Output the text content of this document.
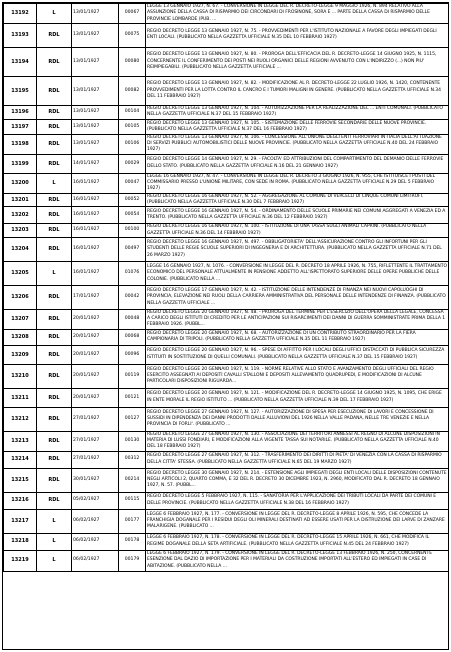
13192	L	13/01/1927	00067	LEGGE 13 GENNAIO 1927, N. 67. - CONVERSIONE IN LEGGE DEL R. DECRETO-LEGGE 9 MAGGIO 1926, N. 894 RELATIVO ALLA ASSUNZIONE DELLA CASSA DI RISPARMIO DEI CIRCONDARI DI FROSINONE, SORA E ... PARTE DELLA CASSA DI RISPARMIO DELLE PROVINCIE LOMBARDE (PUB. ...
13193	RDL	13/01/1927	00075	REGIO DECRETO LEGGE 13 GENNAIO 1927, N. 75. - PROVVEDIMENTI PER L'ISTITUTO NAZIONALE A FAVORE DEGLI IMPIEGATI DEGLI ENTI LOCALI. (PUBBLICATO NELLA GAZZETTA UFFICIALE N.35 DEL 10 FEBBRAIO 1927)
13194	RDL	13/01/1927	00080	REGIO DECRETO LEGGE 13 GENNAIO 1927, N. 80. - PROROGA DELL'EFFICACIA DEL R. DECRETO-LEGGE 14 GIUGNO 1925, N. 1115, CONCERNENTE IL CONFERIMENTO DEI POSTI NEI RUOLI ORGANICI DELLE REGIONI AVVENUTO CON L'INDIRIZZO (...) NON PIU' REIMPIEGABILI. (PUBBLICATO NELLA GAZZETTA UFFICIALE ...
13195	RDL	13/01/1927	00082	REGIO DECRETO LEGGE 13 GENNAIO 1927, N. 82. - MODIFICAZIONE AL R. DECRETO-LEGGE 22 LUGLIO 1926, N. 1420, CONTENENTE PROVVEDIMENTI PER LA LOTTA CONTRO IL CANCRO E I TUMORI MALIGNI IN GENERE. (PUBBLICATO NELLA GAZZETTA UFFICIALE N.34 DEL 11 FEBBRAIO 1927)
13196	RDL	13/01/1927	00104	REGIO DECRETO LEGGE 13 GENNAIO 1927, N. 104. - AUTORIZZAZIONE PER LA REALIZZAZIONE DEL ... ENTI COMUNALI. (PUBBLICATO NELLA GAZZETTA UFFICIALE N.37 DEL 15 FEBBRAIO 1927)
13197	RDL	13/01/1927	00105	REGIO DECRETO LEGGE 13 GENNAIO 1927, N. 105. - SISTEMAZIONE DELLE FERROVIE SECONDARIE DELLE NUOVE PROVINCIE. (PUBBLICATO NELLA GAZZETTA UFFICIALE N.37 DEL 16 FEBBRAIO 1927)
13198	RDL	13/01/1927	00106	REGIO DECRETO LEGGE 13 GENNAIO 1927, N. 106. - CONCESSIONE ALL'UNIONE DEGLI ENTI FERROVIARI IN ITALIA DELL'ATTUAZIONE DI SERVIZI PUBBLICI AUTOMOBILISTICI DELLE NUOVE PROVINCIE. (PUBBLICATO NELLA GAZZETTA UFFICIALE N.40 DEL 24 FEBBRAIO 1927)
13199	RDL	14/01/1927	00029	REGIO DECRETO LEGGE 14 GENNAIO 1927, N. 29. - FACOLTA' ED ATTRIBUZIONI DEL COMPARTIMENTO DEL DEMANIO DELLE FERROVIE DELLO STATO. (PUBBLICATO NELLA GAZZETTA UFFICIALE N.16 DEL 21 GENNAIO 1927)
13200	L	16/01/1927	00047	LEGGE 16 GENNAIO 1927, N. 47. - CONVERSIONE IN LEGGE DEL R. DECRETO 3 GIUGNO 1926, N. 955, CHE ISTITUISCE I POSTI DEL COMMISSARIO PRESSO L'UNIONE MILITARE, CON SEDE IN ROMA. (PUBBLICATO NELLA GAZZETTA UFFICIALE N.29 DEL 5 FEBBRAIO 1927)
13201	RDL	16/01/1927	00052	REGIO DECRETO LEGGE 16 GENNAIO 1927, N. 52. - AGGREGAZIONE AL COMUNE DI VERCELLI DI CINQUE COMUNI LIMITROFI. (PUBBLICATO NELLA GAZZETTA UFFICIALE N.30 DEL 7 FEBBRAIO 1927)
13202	RDL	16/01/1927	00054	REGIO DECRETO LEGGE 16 GENNAIO 1927, N. 54. - ORDINAMENTO DELLE SCUOLE PRIMARIE NEI COMUNI AGGREGATI A VENEZIA ED A TRENTO. (PUBBLICATO NELLA GAZZETTA UFFICIALE N.36 DEL 12 FEBBRAIO 1927)
13203	RDL	16/01/1927	00100	REGIO DECRETO LEGGE 16 GENNAIO 1927, N. 100. - ISTITUZIONE DI UNA TASSA SUGLI ANIMALI CAPRINI. (PUBBLICATO NELLA GAZZETTA UFFICIALE N.36 DEL 14 FEBBRAIO 1927)
13204	RDL	16/01/1927	00497	REGIO DECRETO LEGGE 16 GENNAIO 1927, N. 497. - OBBLIGATORIETA' DELL'ASSICURAZIONE CONTRO GLI INFORTUNI PER GLI STUDENTI DELLE REGIE SCUOLE SUPERIORI DI INGEGNERIA E DI ARCHITETTURA. (PUBBLICATO NELLA GAZZETTA UFFICIALE N.71 DEL 26 MARZO 1927)
13205	L	16/01/1927	01076	LEGGE 16 GENNAIO 1927, N. 1076. - CONVERSIONE IN LEGGE DEL R. DECRETO 18 APRILE 1926, N. 755, RIFLETTENTE IL TRATTAMENTO ECONOMICO DEL PERSONALE ATTUALMENTE IN PENSIONE ADDETTO ALL'ISPETTORATO SUPERIORE DELLE OPERE PUBBLICHE DELLE COLONIE. (PUBBLICATO NELLA ...
13206	RDL	17/01/1927	00042	REGIO DECRETO LEGGE 17 GENNAIO 1927, N. 42. - ISTITUZIONE DELLE INTENDENZE DI FINANZA NEI NUOVI CAPOLUOGHI DI PROVINCIA, ELEVAZIONE NEI RUOLI DELLA CARRIERA AMMINISTRATIVA DEL PERSONALE DELLE INTENDENZE DI FINANZA. (PUBBLICATO NELLA GAZZETTA UFFICIALE ...
13207	RDL	20/01/1927	00048	REGIO DECRETO LEGGE 20 GENNAIO 1927, N. 48. - PROROGA DEL TERMINE PER L'ESERCIZIO DELL'OPERA DELLA LEGALE, CONCESSA A CARICO DEGLI ISTITUTI DI CREDITO PER LE ANTICIPAZIONI SUI RISARCIMENTI DEI DANNI DI GUERRA SOMMINISTRATE PRIMA DELLA 1 FEBBRAIO 1926. (PUBBL...
13208	RDL	20/01/1927	00068	REGIO DECRETO LEGGE 20 GENNAIO 1927, N. 68. - AUTORIZZAZIONE DI UN CONTRIBUTO STRAORDINARIO PER LA FIERA CAMPIONARIA DI TRIPOLI. (PUBBLICATO NELLA GAZZETTA UFFICIALE N.35 DEL 11 FEBBRAIO 1927)
13209	RDL	20/01/1927	00096	REGIO DECRETO LEGGE 20 GENNAIO 1927, N. 96. - SPESE DI AFFITTO PER I LOCALI DEGLI UFFICI DISTACCATI DI PUBBLICA SICUREZZA ISTITUITI IN SOSTITUZIONE DI QUELLI COMUNALI. (PUBBLICATO NELLA GAZZETTA UFFICIALE N.37 DEL 15 FEBBRAIO 1927)
13210	RDL	20/01/1927	00119	REGIO DECRETO LEGGE 20 GENNAIO 1927, N. 119. - NORME RELATIVE ALLO STATO E AVANZAMENTO DEGLI UFFICIALI DEL REGIO ESERCITO ASSEGNATI AI DEPOSITI CAVALLI STALLONI E DEPOSITI ALLEVAMENTO QUADRUPEDI, E MODIFICAZIONI DI ALCUNE PARTICOLARI DISPOSIZIONI RIGUARDA...
13211	RDL	20/01/1927	00121	REGIO DECRETO LEGGE 20 GENNAIO 1927, N. 121. - MODIFICAZIONE DEL R. DECRETO-LEGGE 14 GIUGNO 1925, N. 1095, CHE ERIGE IN ENTE MORALE IL REGIO ISTITUTO ... (PUBBLICATO NELLA GAZZETTA UFFICIALE N.39 DEL 17 FEBBRAIO 1927)
13212	RDL	27/01/1927	00127	REGIO DECRETO LEGGE 27 GENNAIO 1927, N. 127. - AUTORIZZAZIONE DI SPESA PER ESECUZIONE DI LAVORI E CONCESSIONE DI SUSSIDI IN DIPENDENZA DEI DANNI PRODOTTI DALLE ALLUVIONI DEL 1926 NELLA VALLE PADANA, NELLE TRE VENEZIE E NELLA PROVINCIA DI FORLI'. (PUBBLICATO ...
13213	RDL	27/01/1927	00130	REGIO DECRETO LEGGE 27 GENNAIO 1927, N. 130. - ASSOCIAZIONE DEI TERRITORI ANNESSI AL REGNO DI ALCUNE DISPOSIZIONI IN MATERIA DI LUSSI FONDIARI, E MODIFICAZIONI ALLA VIGENTE TASSA SUI NOTARILE. (PUBBLICATO NELLA GAZZETTA UFFICIALE N.40 DEL 18 FEBBRAIO 1927)
13214	RDL	27/01/1927	00312	REGIO DECRETO LEGGE 27 GENNAIO 1927, N. 312. - TRASFERIMENTO DEI DIRITTI DI PIETA' DI VENEZIA CON LA CASSA DI RISPARMIO DELLA CITTA' STESSA. (PUBBLICATO NELLA GAZZETTA UFFICIALE N.65 DEL 19 MARZO 1927)
13215	RDL	30/01/1927	00214	REGIO DECRETO LEGGE 30 GENNAIO 1927, N. 214. - ESTENSIONE AGLI IMPIEGATI DEGLI ENTI LOCALI DELLE DISPOSIZIONI CONTENUTE NEGLI ARTICOLI 2, QUARTO COMMA, E 32 DEL R. DECRETO 30 DICEMBRE 1923, N. 2960, MODIFICATO DAL R. DECRETO 18 GENNAIO 1927, N. 57. (PUBBL...
13216	RDL	05/02/1927	00115	REGIO DECRETO LEGGE 5 FEBBRAIO 1927, N. 115. - SANATORIA PER L'APPLICAZIONE DEI TRIBUTI LOCALI DA PARTE DEI COMUNI E DELLE PROVINCIE. (PUBBLICATO NELLA GAZZETTA UFFICIALE N.38 DEL 16 FEBBRAIO 1927)
13217	L	06/02/1927	00177	LEGGE 6 FEBBRAIO 1927, N. 177. - CONVERSIONE IN LEGGE DEL R. DECRETO-LEGGE 8 APRILE 1926, N. 595, CHE CONCEDE LA FRANCHIGIA DOGANALE PER I RESIDUI DEGLI OLI MINERALI DESTINATI AD ESSERE USATI PER LA DISTRUZIONE DEI LARVE DI ZANZARE MALARIGENE. (PUBBLICATO ...
13218	L	06/02/1927	00178	LEGGE 6 FEBBRAIO 1927, N. 178. - CONVERSIONE IN LEGGE DEL R. DECRETO-LEGGE 15 APRILE 1926, N. 661, CHE MODIFICA IL REGIME DOGANALE DELLA SETA ARTIFICIALE. (PUBBLICATO NELLA GAZZETTA UFFICIALE N.45 DEL 24 FEBBRAIO 1927)
13219	L	06/02/1927	00179	LEGGE 6 FEBBRAIO 1927, N. 179. - CONVERSIONE IN LEGGE DEL R. DECRETO-LEGGE 13 FEBBRAIO 1926, N. 250, CONCERNENTE ESENZIONE DAL DAZIO DI IMPORTAZIONE PER I MATERIALI DA COSTRUZIONE IMPORTATI ALL'ESTERO ED IMPIEGATI IN CASE DI ABITAZIONE. (PUBBLICATO NELLA ...
